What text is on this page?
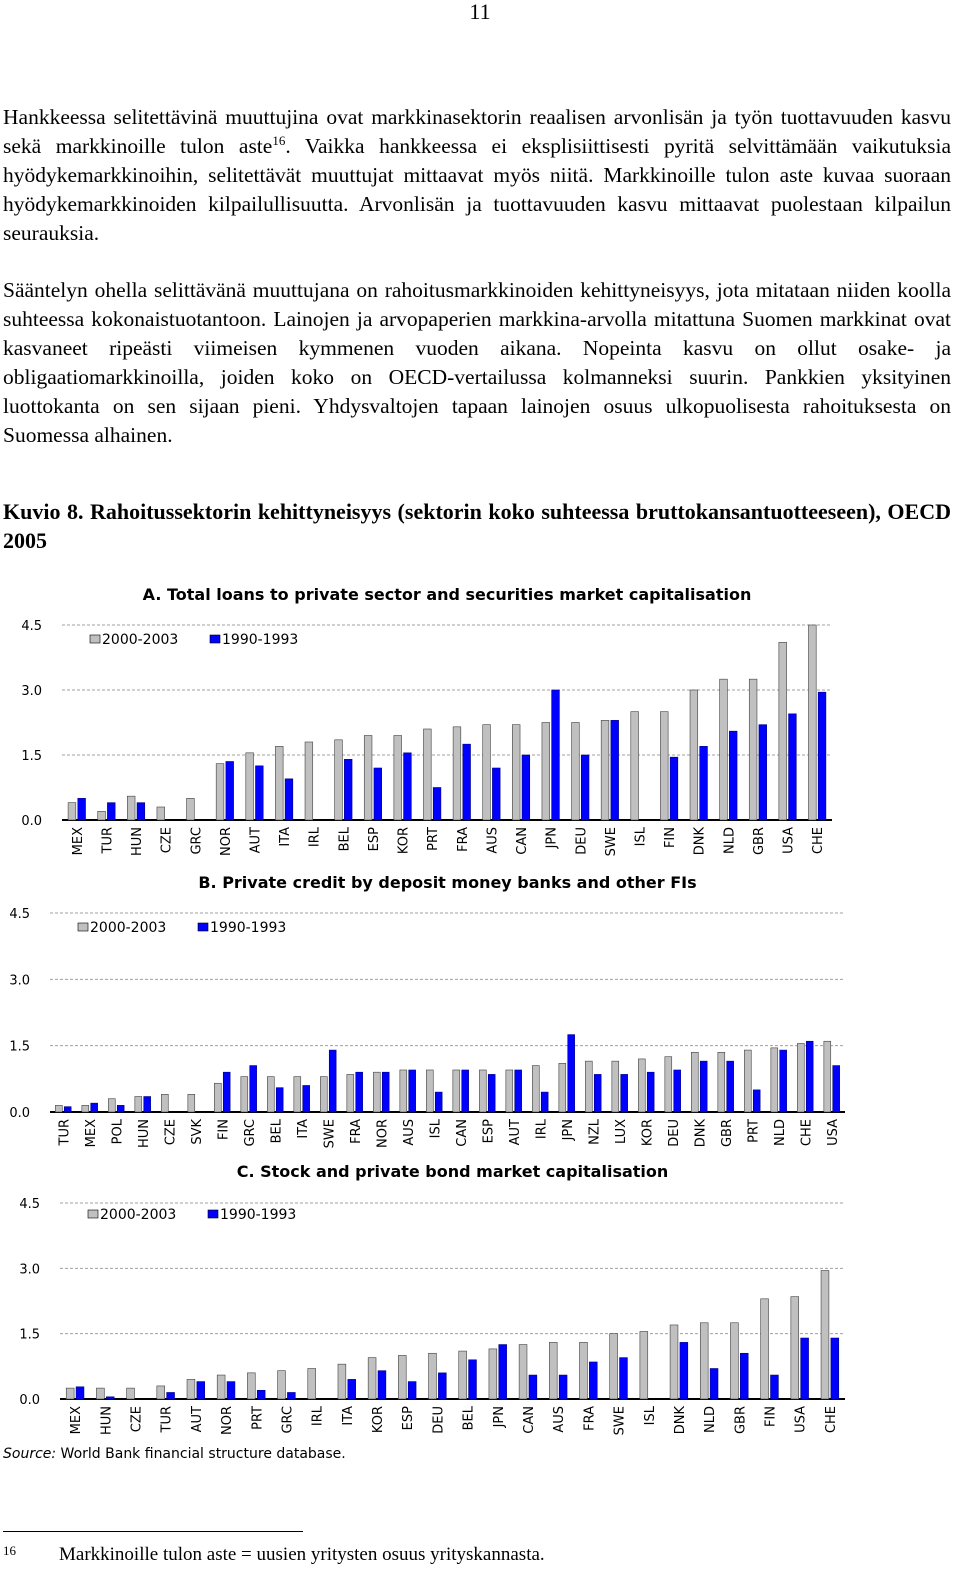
11

Hankkeessa selitettävinä muuttujina ovat markkinasektorin reaalisen arvonlisän ja työn tuottavuuden kasvu sekä markkinoille tulon aste$^{16}$. Vaikka hankkeessa ei eksplisiittisesti pyritä selvittämään vaikutuksia hyödykemarkkinoihin, selitettävät muuttujat mittaavat myös niitä. Markkinoille tulon aste kuvaa suoraan hyödykemarkkinoiden kilpailullisuutta. Arvonlisän ja tuottavuuden kasvu mittaavat puolestaan kilpailun seurauksia.

Sääntelyn ohella selittävänä muuttujana on rahoitusmarkkinoiden kehittyneisyys, jota mitataan niiden koolla suhteessa kokonaistuotantoon. Lainojen ja arvopaperien markkina-arvolla mitattuna Suomen markkinat ovat kasvaneet ripeästi viimeisen kymmenen vuoden aikana. Nopeinta kasvu on ollut osake- ja obligaatiomarkkinoilla, joiden koko on OECD-vertailussa kolmanneksi suurin. Pankkien yksityinen luottokanta on sen sijaan pieni. Yhdysvaltojen tapaan lainojen osuus ulkopuolisesta rahoituksesta on Suomessa alhainen.

Kuvio 8. Rahoitussektorin kehittyneisyys (sektorin koko suhteessa bruttokansantuotteeseen), OECD 2005

A. Total loans to private sector and securities market capitalisation
4.5
3.0
1.5
0.0
2000-2003	1990-1993
MEX TUR HUN CZE GRC NOR AUT ITA IRL BEL ESP KOR PRT FRA AUS CAN JPN DEU SWE ISL FIN DNK NLD GBR USA CHE
B. Private credit by deposit money banks and other FIs
4.5
3.0
1.5
0.0
2000-2003	1990-1993
TUR MEX POL HUN CZE SVK FIN GRC BEL ITA SWE FRA NOR AUS ISL CAN ESP AUT IRL JPN NZL LUX KOR DEU DNK GBR PRT NLD CHE USA
C. Stock and private bond market capitalisation
4.5
3.0
1.5
0.0
2000-2003	1990-1993
MEX HUN CZE TUR AUT NOR PRT GRC IRL ITA KOR ESP DEU BEL JPN CAN AUS FRA SWE ISL DNK NLD GBR FIN USA CHE
Source: World Bank financial structure database.
16 Markkinoille tulon aste = uusien yritysten osuus yrityskannasta.
